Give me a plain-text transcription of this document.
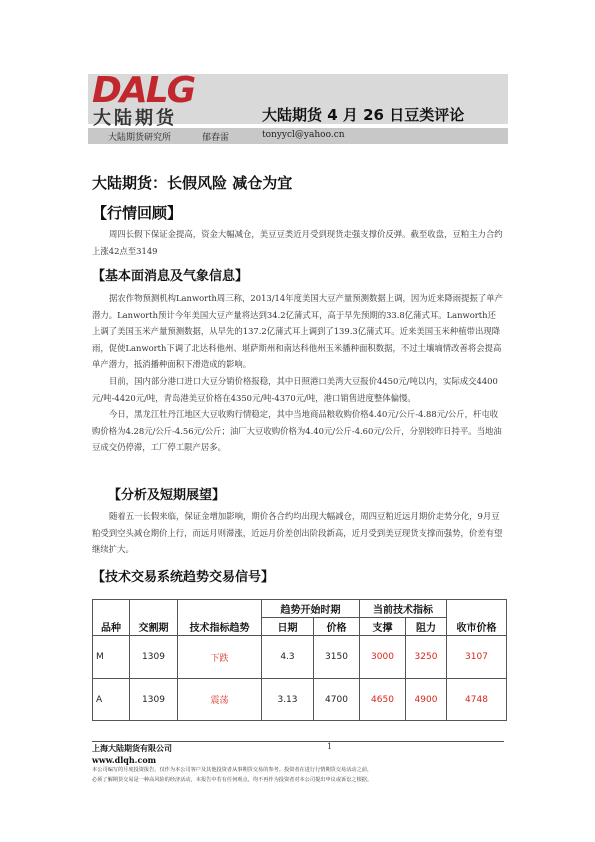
DALG
大陆期货	大陆期货 4 月 26 日豆类评论
大陆期货研究所	郁春雷	tonyycl@yahoo.cn
大陆期货：长假风险 减仓为宜
【行情回顾】

周四长假下保证金提高，资金大幅减仓，美豆豆类近月受到现货走强支撑价反弹。截至收盘，豆粕主力合约上涨42点至3149

【基本面消息及气象信息】

据农作物预测机构Lanworth周三称，2013/14年度美国大豆产量预测数据上调，因为近来降雨提振了单产潜力。Lanworth预计今年美国大豆产量将达到34.2亿蒲式耳，高于早先预期的33.8亿蒲式耳。Lanworth还上调了美国玉米产量预测数据，从早先的137.2亿蒲式耳上调到了139.3亿蒲式耳。近来美国玉米种植带出现降雨，促使Lanworth下调了北达科他州、堪萨斯州和南达科他州玉米播种面积数据，不过土壤墒情改善将会提高单产潜力，抵消播种面积下滑造成的影响。

目前，国内部分港口进口大豆分销价格报稳，其中日照港口美湾大豆报价4450元/吨以内，实际成交4400元/吨-4420元/吨，青岛港美豆价格在4350元/吨-4370元/吨，港口销售进度整体偏慢。

今日，黑龙江牡丹江地区大豆收购行情稳定，其中当地商品粮收购价格4.40元/公斤-4.88元/公斤，杆屯收购价格为4.28元/公斤-4.56元/公斤；油厂大豆收购价格为4.40元/公斤-4.60元/公斤，分别较昨日持平。当地油豆成交仍停滞，工厂停工限产居多。

【分析及短期展望】

随着五一长假来临，保证金增加影响，期价各合约均出现大幅减仓，周四豆粕近远月期价走势分化，9月豆粕受到空头减仓期价上行，而远月则滞涨，近远月价差创出阶段新高，近月受到美豆现货支撑而强势，价差有望继续扩大。

【技术交易系统趋势交易信号】
			趋势开始时期		当前技术指标		
品种	交割期	技术指标趋势	日期	价格	支撑	阻力	收市价格
M	1309	下跌	4.3	3150	3000	3250	3107
A	1309	震荡	3.13	4700	4650	4900	4748
上海大陆期货有限公司	1
www.dlqh.com
本公司编写的月度投资报告，仅作为本公司客户及其他投资者从事期货交易的参考。投资者在进行行情期货交易活动之前，
必须了解期货交易是一种高风险的经济活动，本报告中若有任何观点，均不再作为投资者对本公司提出申议或诉讼之根据。
